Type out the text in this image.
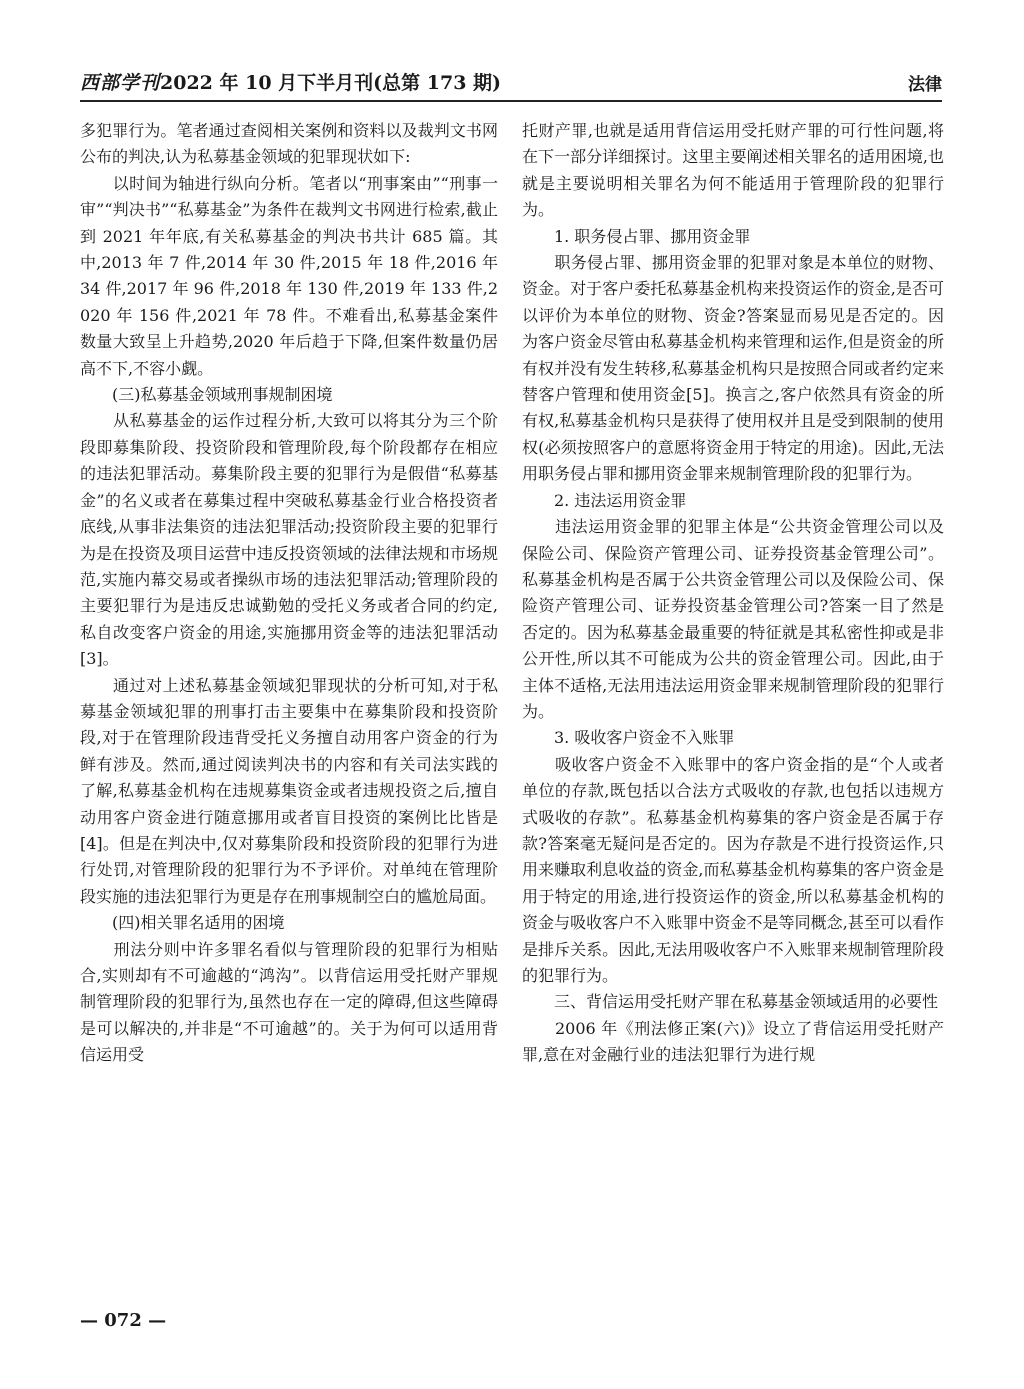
西部学刊2022 年 10 月下半月刊(总第 173 期)	法律
多犯罪行为。笔者通过查阅相关案例和资料以及裁判文书网公布的判决,认为私募基金领域的犯罪现状如下:
　　以时间为轴进行纵向分析。笔者以“刑事案由”“刑事一审”“判决书”“私募基金”为条件在裁判文书网进行检索,截止到 2021 年年底,有关私募基金的判决书共计 685 篇。其中,2013 年 7 件,2014 年 30 件,2015 年 18 件,2016 年 34 件,2017 年 96 件,2018 年 130 件,2019 年 133 件,2020 年 156 件,2021 年 78 件。不难看出,私募基金案件数量大致呈上升趋势,2020 年后趋于下降,但案件数量仍居高不下,不容小觑。
　　(三)私募基金领域刑事规制困境
　　从私募基金的运作过程分析,大致可以将其分为三个阶段即募集阶段、投资阶段和管理阶段,每个阶段都存在相应的违法犯罪活动。募集阶段主要的犯罪行为是假借“私募基金”的名义或者在募集过程中突破私募基金行业合格投资者底线,从事非法集资的违法犯罪活动;投资阶段主要的犯罪行为是在投资及项目运营中违反投资领域的法律法规和市场规范,实施内幕交易或者操纵市场的违法犯罪活动;管理阶段的主要犯罪行为是违反忠诚勤勉的受托义务或者合同的约定,私自改变客户资金的用途,实施挪用资金等的违法犯罪活动[3]。
　　通过对上述私募基金领域犯罪现状的分析可知,对于私募基金领域犯罪的刑事打击主要集中在募集阶段和投资阶段,对于在管理阶段违背受托义务擅自动用客户资金的行为鲜有涉及。然而,通过阅读判决书的内容和有关司法实践的了解,私募基金机构在违规募集资金或者违规投资之后,擅自动用客户资金进行随意挪用或者盲目投资的案例比比皆是[4]。但是在判决中,仅对募集阶段和投资阶段的犯罪行为进行处罚,对管理阶段的犯罪行为不予评价。对单纯在管理阶段实施的违法犯罪行为更是存在刑事规制空白的尴尬局面。
　　(四)相关罪名适用的困境
　　刑法分则中许多罪名看似与管理阶段的犯罪行为相贴合,实则却有不可逾越的“鸿沟”。以背信运用受托财产罪规制管理阶段的犯罪行为,虽然也存在一定的障碍,但这些障碍是可以解决的,并非是“不可逾越”的。关于为何可以适用背信运用受
托财产罪,也就是适用背信运用受托财产罪的可行性问题,将在下一部分详细探讨。这里主要阐述相关罪名的适用困境,也就是主要说明相关罪名为何不能适用于管理阶段的犯罪行为。
　　1. 职务侵占罪、挪用资金罪
　　职务侵占罪、挪用资金罪的犯罪对象是本单位的财物、资金。对于客户委托私募基金机构来投资运作的资金,是否可以评价为本单位的财物、资金?答案显而易见是否定的。因为客户资金尽管由私募基金机构来管理和运作,但是资金的所有权并没有发生转移,私募基金机构只是按照合同或者约定来替客户管理和使用资金[5]。换言之,客户依然具有资金的所有权,私募基金机构只是获得了使用权并且是受到限制的使用权(必须按照客户的意愿将资金用于特定的用途)。因此,无法用职务侵占罪和挪用资金罪来规制管理阶段的犯罪行为。
　　2. 违法运用资金罪
　　违法运用资金罪的犯罪主体是“公共资金管理公司以及保险公司、保险资产管理公司、证券投资基金管理公司”。私募基金机构是否属于公共资金管理公司以及保险公司、保险资产管理公司、证券投资基金管理公司?答案一目了然是否定的。因为私募基金最重要的特征就是其私密性抑或是非公开性,所以其不可能成为公共的资金管理公司。因此,由于主体不适格,无法用违法运用资金罪来规制管理阶段的犯罪行为。
　　3. 吸收客户资金不入账罪
　　吸收客户资金不入账罪中的客户资金指的是“个人或者单位的存款,既包括以合法方式吸收的存款,也包括以违规方式吸收的存款”。私募基金机构募集的客户资金是否属于存款?答案毫无疑问是否定的。因为存款是不进行投资运作,只用来赚取利息收益的资金,而私募基金机构募集的客户资金是用于特定的用途,进行投资运作的资金,所以私募基金机构的资金与吸收客户不入账罪中资金不是等同概念,甚至可以看作是排斥关系。因此,无法用吸收客户不入账罪来规制管理阶段的犯罪行为。
　　三、背信运用受托财产罪在私募基金领域适用的必要性
　　2006 年《刑法修正案(六)》设立了背信运用受托财产罪,意在对金融行业的违法犯罪行为进行规
— 072 —
